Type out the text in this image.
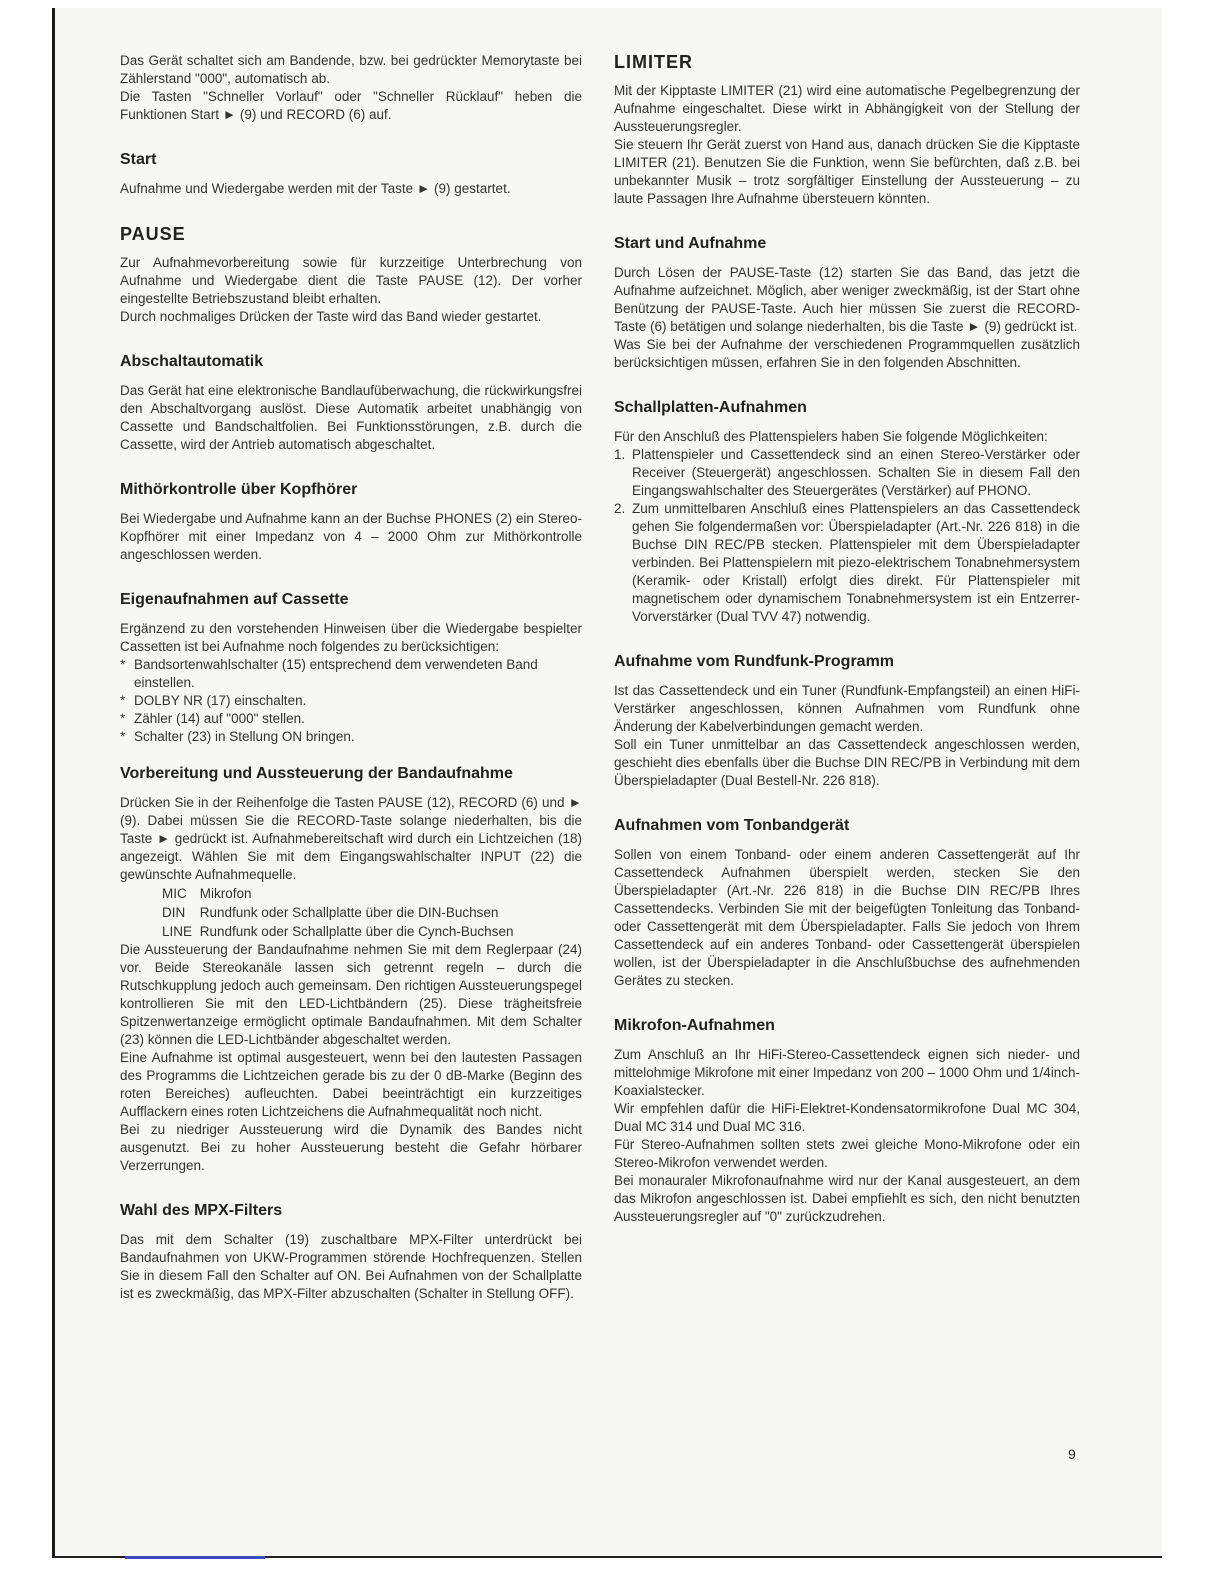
Das Gerät schaltet sich am Bandende, bzw. bei gedrückter Memorytaste bei Zählerstand "000", automatisch ab.

Die Tasten "Schneller Vorlauf" oder "Schneller Rücklauf" heben die Funktionen Start ► (9) und RECORD (6) auf.

Start

Aufnahme und Wiedergabe werden mit der Taste ► (9) gestartet.

PAUSE

Zur Aufnahmevorbereitung sowie für kurzzeitige Unterbrechung von Aufnahme und Wiedergabe dient die Taste PAUSE (12). Der vorher eingestellte Betriebszustand bleibt erhalten.

Durch nochmaliges Drücken der Taste wird das Band wieder gestartet.

Abschaltautomatik

Das Gerät hat eine elektronische Bandlaufüberwachung, die rückwirkungsfrei den Abschaltvorgang auslöst. Diese Automatik arbeitet unabhängig von Cassette und Bandschaltfolien. Bei Funktionsstörungen, z.B. durch die Cassette, wird der Antrieb automatisch abgeschaltet.

Mithörkontrolle über Kopfhörer

Bei Wiedergabe und Aufnahme kann an der Buchse PHONES (2) ein Stereo-Kopfhörer mit einer Impedanz von 4 – 2000 Ohm zur Mithörkontrolle angeschlossen werden.

Eigenaufnahmen auf Cassette

Ergänzend zu den vorstehenden Hinweisen über die Wiedergabe bespielter Cassetten ist bei Aufnahme noch folgendes zu berücksichtigen:

* Bandsortenwahlschalter (15) entsprechend dem verwendeten Band einstellen.
* DOLBY NR (17) einschalten.
* Zähler (14) auf "000" stellen.
* Schalter (23) in Stellung ON bringen.
Vorbereitung und Aussteuerung der Bandaufnahme

Drücken Sie in der Reihenfolge die Tasten PAUSE (12), RECORD (6) und ► (9). Dabei müssen Sie die RECORD-Taste solange niederhalten, bis die Taste ► gedrückt ist. Aufnahmebereitschaft wird durch ein Lichtzeichen (18) angezeigt. Wählen Sie mit dem Eingangswahlschalter INPUT (22) die gewünschte Aufnahmequelle.

MIC Mikrofon
DIN Rundfunk oder Schallplatte über die DIN-Buchsen
LINE Rundfunk oder Schallplatte über die Cynch-Buchsen

Die Aussteuerung der Bandaufnahme nehmen Sie mit dem Reglerpaar (24) vor. Beide Stereokanäle lassen sich getrennt regeln – durch die Rutschkupplung jedoch auch gemeinsam. Den richtigen Aussteuerungspegel kontrollieren Sie mit den LED-Lichtbändern (25). Diese trägheitsfreie Spitzenwertanzeige ermöglicht optimale Bandaufnahmen. Mit dem Schalter (23) können die LED-Lichtbänder abgeschaltet werden.

Eine Aufnahme ist optimal ausgesteuert, wenn bei den lautesten Passagen des Programms die Lichtzeichen gerade bis zu der 0 dB-Marke (Beginn des roten Bereiches) aufleuchten. Dabei beeinträchtigt ein kurzzeitiges Aufflackern eines roten Lichtzeichens die Aufnahmequalität noch nicht.

Bei zu niedriger Aussteuerung wird die Dynamik des Bandes nicht ausgenutzt. Bei zu hoher Aussteuerung besteht die Gefahr hörbarer Verzerrungen.

Wahl des MPX-Filters

Das mit dem Schalter (19) zuschaltbare MPX-Filter unterdrückt bei Bandaufnahmen von UKW-Programmen störende Hochfrequenzen. Stellen Sie in diesem Fall den Schalter auf ON. Bei Aufnahmen von der Schallplatte ist es zweckmäßig, das MPX-Filter abzuschalten (Schalter in Stellung OFF).

LIMITER

Mit der Kipptaste LIMITER (21) wird eine automatische Pegelbegrenzung der Aufnahme eingeschaltet. Diese wirkt in Abhängigkeit von der Stellung der Aussteuerungsregler.

Sie steuern Ihr Gerät zuerst von Hand aus, danach drücken Sie die Kipptaste LIMITER (21). Benutzen Sie die Funktion, wenn Sie befürchten, daß z.B. bei unbekannter Musik – trotz sorgfältiger Einstellung der Aussteuerung – zu laute Passagen Ihre Aufnahme übersteuern könnten.

Start und Aufnahme

Durch Lösen der PAUSE-Taste (12) starten Sie das Band, das jetzt die Aufnahme aufzeichnet. Möglich, aber weniger zweckmäßig, ist der Start ohne Benützung der PAUSE-Taste. Auch hier müssen Sie zuerst die RECORD-Taste (6) betätigen und solange niederhalten, bis die Taste ► (9) gedrückt ist.

Was Sie bei der Aufnahme der verschiedenen Programmquellen zusätzlich berücksichtigen müssen, erfahren Sie in den folgenden Abschnitten.

Schallplatten-Aufnahmen

Für den Anschluß des Plattenspielers haben Sie folgende Möglichkeiten:

1. Plattenspieler und Cassettendeck sind an einen Stereo-Verstärker oder Receiver (Steuergerät) angeschlossen. Schalten Sie in diesem Fall den Eingangswahlschalter des Steuergerätes (Verstärker) auf PHONO.
2. Zum unmittelbaren Anschluß eines Plattenspielers an das Cassettendeck gehen Sie folgendermaßen vor: Überspieladapter (Art.-Nr. 226 818) in die Buchse DIN REC/PB stecken. Plattenspieler mit dem Überspieladapter verbinden. Bei Plattenspielern mit piezo-elektrischem Tonabnehmersystem (Keramik- oder Kristall) erfolgt dies direkt. Für Plattenspieler mit magnetischem oder dynamischem Tonabnehmersystem ist ein Entzerrer-Vorverstärker (Dual TVV 47) notwendig.
Aufnahme vom Rundfunk-Programm

Ist das Cassettendeck und ein Tuner (Rundfunk-Empfangsteil) an einen HiFi-Verstärker angeschlossen, können Aufnahmen vom Rundfunk ohne Änderung der Kabelverbindungen gemacht werden.

Soll ein Tuner unmittelbar an das Cassettendeck angeschlossen werden, geschieht dies ebenfalls über die Buchse DIN REC/PB in Verbindung mit dem Überspieladapter (Dual Bestell-Nr. 226 818).

Aufnahmen vom Tonbandgerät

Sollen von einem Tonband- oder einem anderen Cassettengerät auf Ihr Cassettendeck Aufnahmen überspielt werden, stecken Sie den Überspieladapter (Art.-Nr. 226 818) in die Buchse DIN REC/PB Ihres Cassettendecks. Verbinden Sie mit der beigefügten Tonleitung das Tonband- oder Cassettengerät mit dem Überspieladapter. Falls Sie jedoch von Ihrem Cassettendeck auf ein anderes Tonband- oder Cassettengerät überspielen wollen, ist der Überspieladapter in die Anschlußbuchse des aufnehmenden Gerätes zu stecken.

Mikrofon-Aufnahmen

Zum Anschluß an Ihr HiFi-Stereo-Cassettendeck eignen sich nieder- und mittelohmige Mikrofone mit einer Impedanz von 200 – 1000 Ohm und 1/4inch-Koaxialstecker.

Wir empfehlen dafür die HiFi-Elektret-Kondensatormikrofone Dual MC 304, Dual MC 314 und Dual MC 316.

Für Stereo-Aufnahmen sollten stets zwei gleiche Mono-Mikrofone oder ein Stereo-Mikrofon verwendet werden.

Bei monauraler Mikrofonaufnahme wird nur der Kanal ausgesteuert, an dem das Mikrofon angeschlossen ist. Dabei empfiehlt es sich, den nicht benutzten Aussteuerungsregler auf "0" zurückzudrehen.

9
